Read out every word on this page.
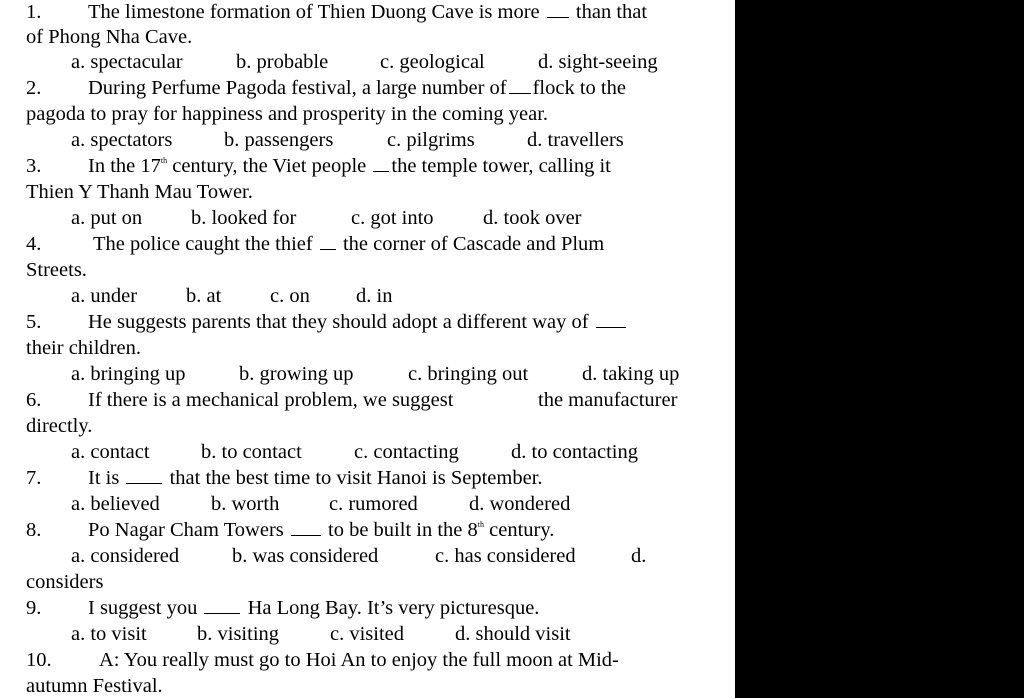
1. The limestone formation of Thien Duong Cave is more than that
of Phong Nha Cave.
a. spectacular	b. probable	c. geological	d. sight-seeing
2. During Perfume Pagoda festival, a large number of flock to the
pagoda to pray for happiness and prosperity in the coming year.
a. spectators	b. passengers	c. pilgrims	d. travellers
3. In the 17th century, the Viet people the temple tower, calling it
Thien Y Thanh Mau Tower.
a. put on b. looked for	c. got into d. took over
4.	The police caught the thief the corner of Cascade and Plum
Streets.
a. under b. at c. on d. in
5. He suggests parents that they should adopt a different way of
their children.
a. bringing up	b. growing up	c. bringing out	d. taking up
6. If there is a mechanical problem, we suggest	the manufacturer
directly.
a. contact	b. to contact	c. contacting	d. to contacting
7. It is that the best time to visit Hanoi is September.
a. believed b. worth c. rumored d. wondered
8. Po Nagar Cham Towers to be built in the 8th century.
a. considered	b. was considered	c. has considered	d.
considers
9. I suggest you Ha Long Bay. It’s very picturesque.
a. to visit b. visiting c. visited d. should visit
10. A: You really must go to Hoi An to enjoy the full moon at Mid-
autumn Festival.
